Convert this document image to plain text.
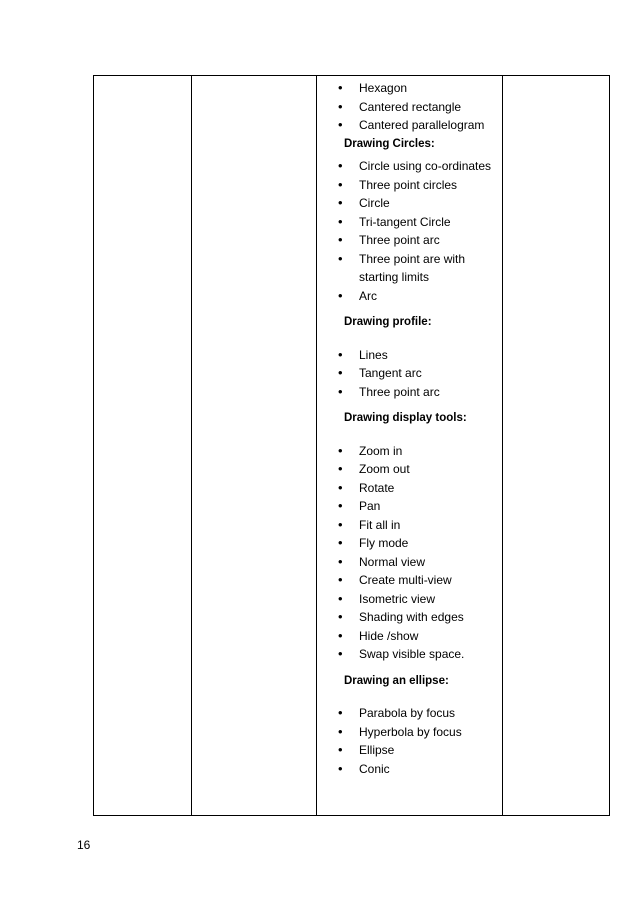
• Hexagon
• Cantered rectangle
• Cantered parallelogram
Drawing Circles:
• Circle using co-ordinates
• Three point circles
• Circle
• Tri-tangent Circle
• Three point arc
• Three point are with starting limits
• Arc
Drawing profile:
• Lines
• Tangent arc
• Three point arc
Drawing display tools:
• Zoom in
• Zoom out
• Rotate
• Pan
• Fit all in
• Fly mode
• Normal view
• Create multi-view
• Isometric view
• Shading with edges
• Hide /show
• Swap visible space.
Drawing an ellipse:
• Parabola by focus
• Hyperbola by focus
• Ellipse
• Conic
16
